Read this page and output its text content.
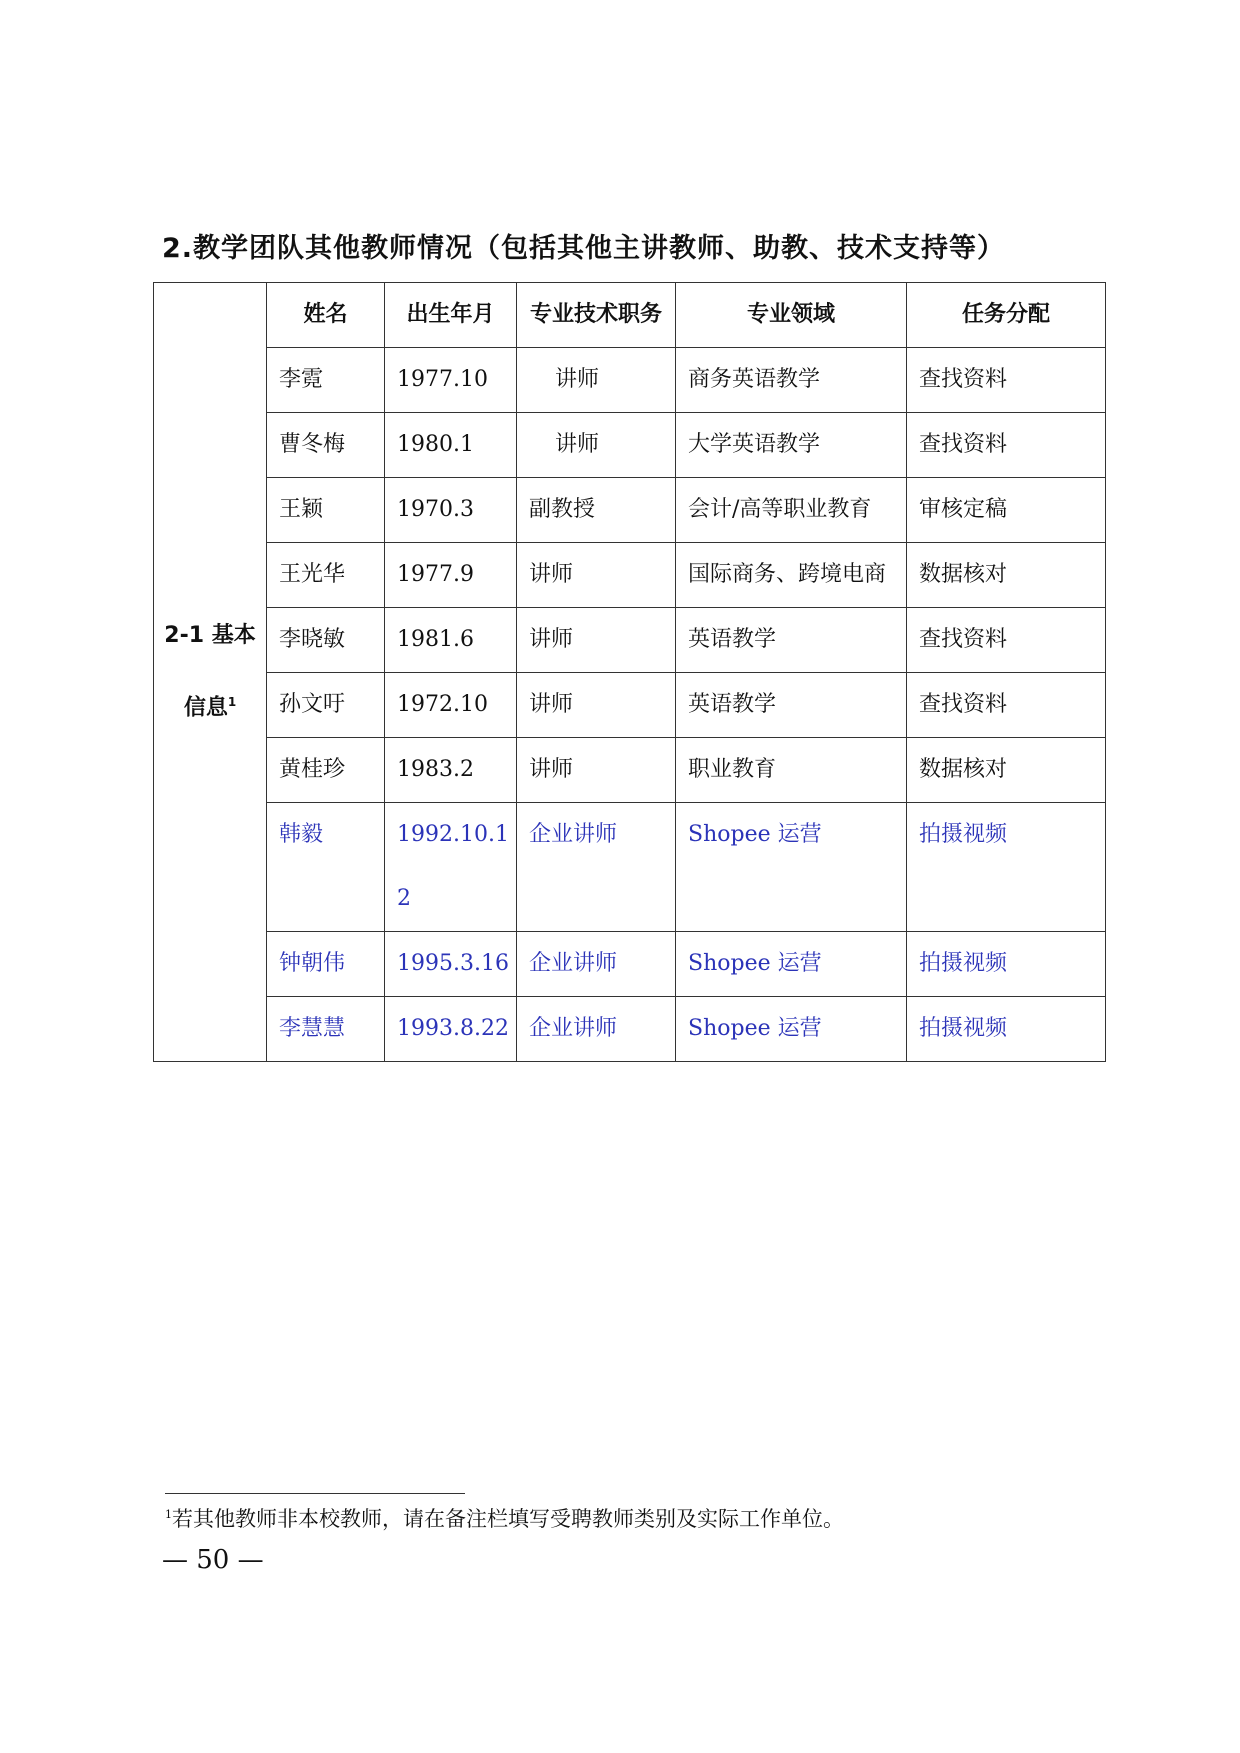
2.教学团队其他教师情况（包括其他主讲教师、助教、技术支持等）
2-1 基本信息$^1$	姓名	出生年月	专业技术职务	专业领域	任务分配
	李霓	1977.10	讲师	商务英语教学	查找资料
	曹冬梅	1980.1	讲师	大学英语教学	查找资料
	王颖	1970.3	副教授	会计/高等职业教育	审核定稿
	王光华	1977.9	讲师	国际商务、跨境电商	数据核对
	李晓敏	1981.6	讲师	英语教学	查找资料
	孙文吁	1972.10	讲师	英语教学	查找资料
	黄桂珍	1983.2	讲师	职业教育	数据核对
	韩毅	1992.10.12	企业讲师	Shopee 运营	拍摄视频
	钟朝伟	1995.3.16	企业讲师	Shopee 运营	拍摄视频
	李慧慧	1993.8.22	企业讲师	Shopee 运营	拍摄视频
$^1$若其他教师非本校教师，请在备注栏填写受聘教师类别及实际工作单位。
— 50 —
